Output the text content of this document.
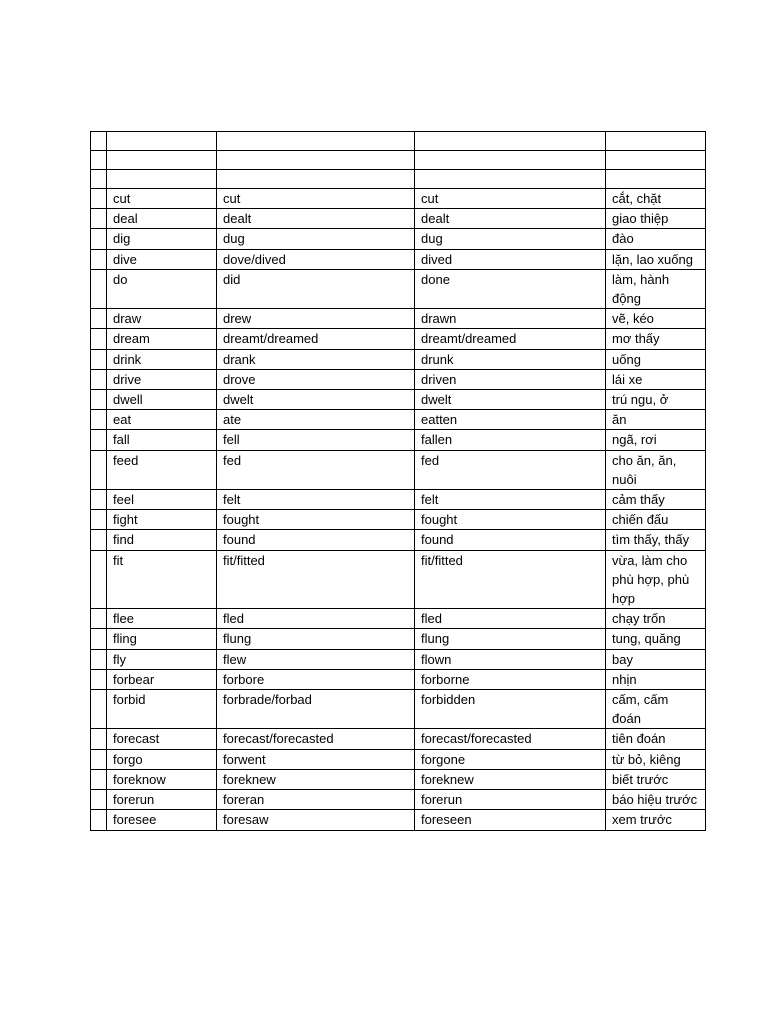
	cut	cut	cut	cắt, chặt
	deal	dealt	dealt	giao thiệp
	dig	dug	dug	đào
	dive	dove/dived	dived	lặn, lao xuống
	do	did	done	làm, hành động
	draw	drew	drawn	vẽ, kéo
	dream	dreamt/dreamed	dreamt/dreamed	mơ thấy
	drink	drank	drunk	uống
	drive	drove	driven	lái xe
	dwell	dwelt	dwelt	trú ngu, ở
	eat	ate	eatten	ăn
	fall	fell	fallen	ngã, rơi
	feed	fed	fed	cho ăn, ăn, nuôi
	feel	felt	felt	cảm thấy
	fight	fought	fought	chiến đấu
	find	found	found	tìm thấy, thấy
	fit	fit/fitted	fit/fitted	vừa, làm cho phù hợp, phù hợp
	flee	fled	fled	chạy trốn
	fling	flung	flung	tung, quăng
	fly	flew	flown	bay
	forbear	forbore	forborne	nhịn
	forbid	forbrade/forbad	forbidden	cấm, cấm đoán
	forecast	forecast/forecasted	forecast/forecasted	tiên đoán
	forgo	forwent	forgone	từ bỏ, kiêng
	foreknow	foreknew	foreknew	biết trước
	forerun	foreran	forerun	báo hiệu trước
	foresee	foresaw	foreseen	xem trước
